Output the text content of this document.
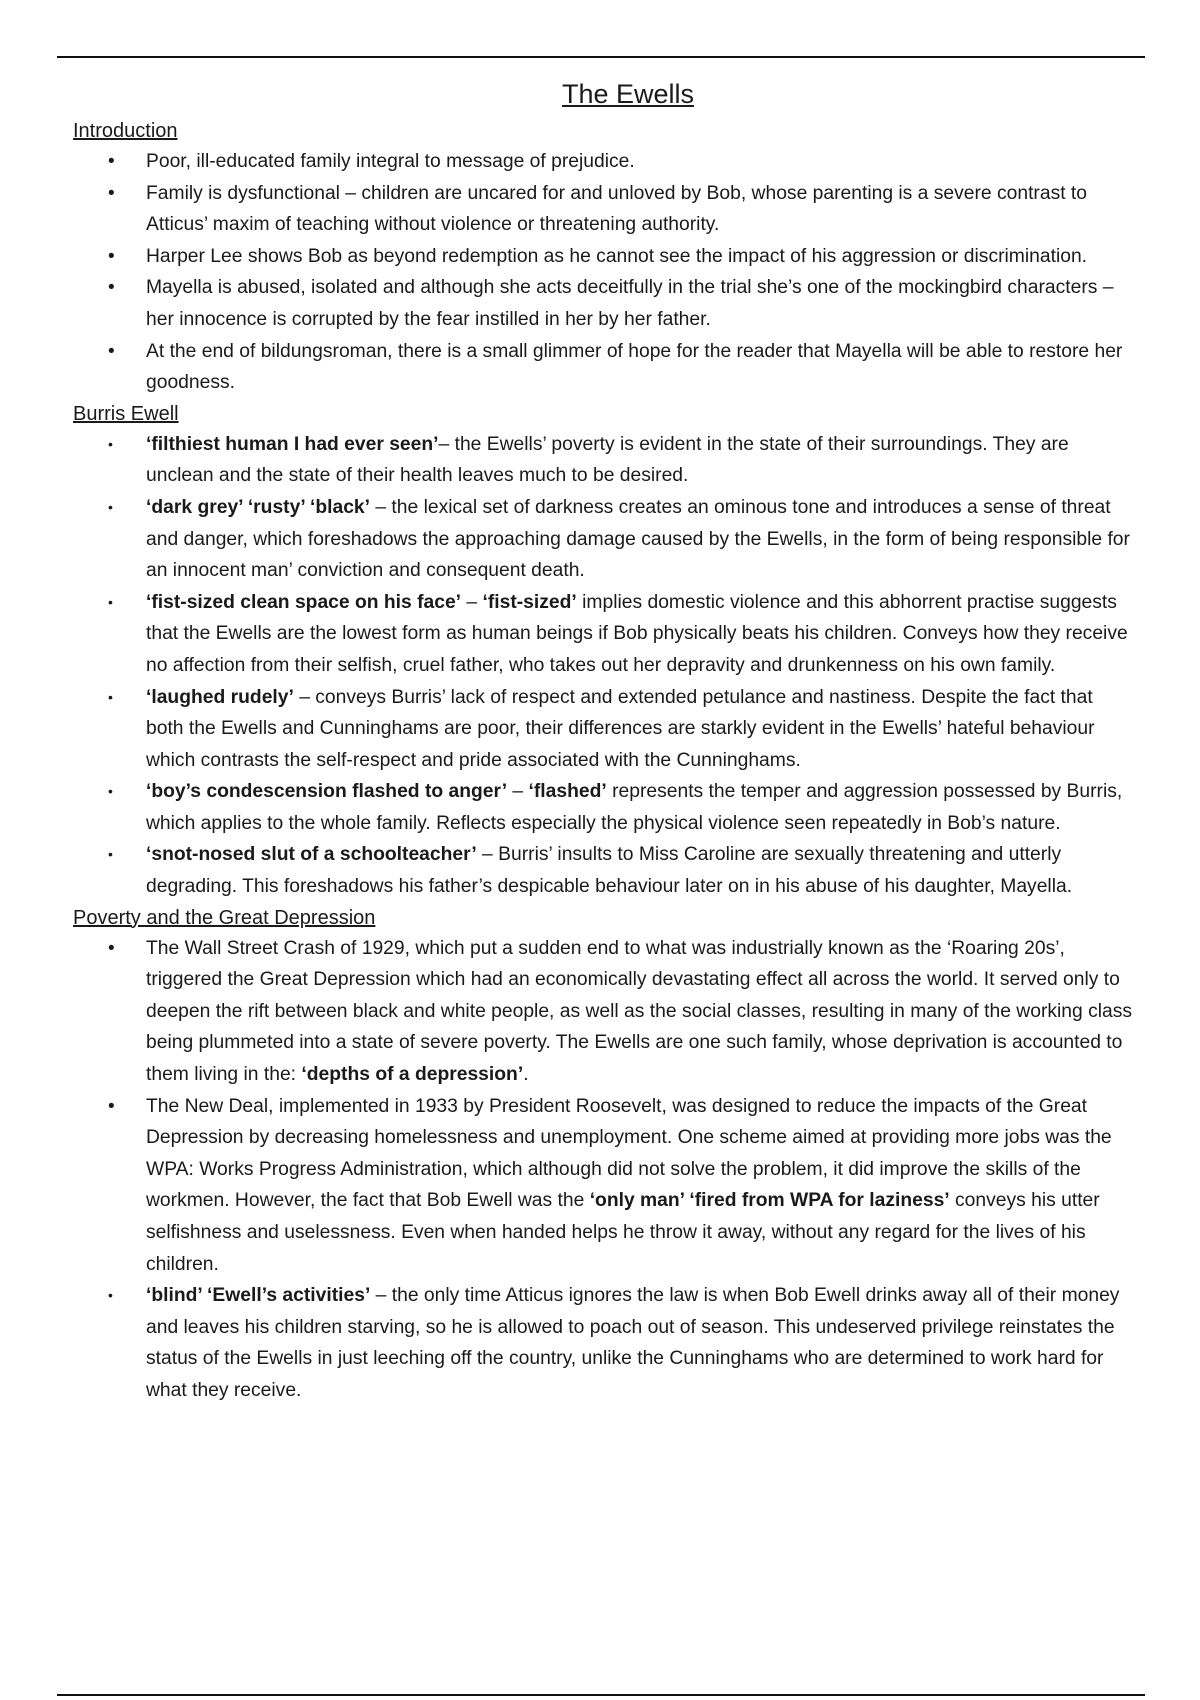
The Ewells
Introduction
• Poor, ill-educated family integral to message of prejudice.
• Family is dysfunctional – children are uncared for and unloved by Bob, whose parenting is a severe contrast to Atticus’ maxim of teaching without violence or threatening authority.
• Harper Lee shows Bob as beyond redemption as he cannot see the impact of his aggression or discrimination.
• Mayella is abused, isolated and although she acts deceitfully in the trial she’s one of the mockingbird characters – her innocence is corrupted by the fear instilled in her by her father.
• At the end of bildungsroman, there is a small glimmer of hope for the reader that Mayella will be able to restore her goodness.
Burris Ewell
• ‘filthiest human I had ever seen’– the Ewells’ poverty is evident in the state of their surroundings. They are unclean and the state of their health leaves much to be desired.
• ‘dark grey’ ‘rusty’ ‘black’ – the lexical set of darkness creates an ominous tone and introduces a sense of threat and danger, which foreshadows the approaching damage caused by the Ewells, in the form of being responsible for an innocent man’ conviction and consequent death.
• ‘fist-sized clean space on his face’ – ‘fist-sized’ implies domestic violence and this abhorrent practise suggests that the Ewells are the lowest form as human beings if Bob physically beats his children. Conveys how they receive no affection from their selfish, cruel father, who takes out her depravity and drunkenness on his own family.
• ‘laughed rudely’ – conveys Burris’ lack of respect and extended petulance and nastiness. Despite the fact that both the Ewells and Cunninghams are poor, their differences are starkly evident in the Ewells’ hateful behaviour which contrasts the self-respect and pride associated with the Cunninghams.
• ‘boy’s condescension flashed to anger’ – ‘flashed’ represents the temper and aggression possessed by Burris, which applies to the whole family. Reflects especially the physical violence seen repeatedly in Bob’s nature.
• ‘snot-nosed slut of a schoolteacher’ – Burris’ insults to Miss Caroline are sexually threatening and utterly degrading. This foreshadows his father’s despicable behaviour later on in his abuse of his daughter, Mayella.
Poverty and the Great Depression
• The Wall Street Crash of 1929, which put a sudden end to what was industrially known as the ‘Roaring 20s’, triggered the Great Depression which had an economically devastating effect all across the world. It served only to deepen the rift between black and white people, as well as the social classes, resulting in many of the working class being plummeted into a state of severe poverty. The Ewells are one such family, whose deprivation is accounted to them living in the: ‘depths of a depression’.
• The New Deal, implemented in 1933 by President Roosevelt, was designed to reduce the impacts of the Great Depression by decreasing homelessness and unemployment. One scheme aimed at providing more jobs was the WPA: Works Progress Administration, which although did not solve the problem, it did improve the skills of the workmen. However, the fact that Bob Ewell was the ‘only man’ ‘fired from WPA for laziness’ conveys his utter selfishness and uselessness. Even when handed helps he throw it away, without any regard for the lives of his children.
• ‘blind’ ‘Ewell’s activities’ – the only time Atticus ignores the law is when Bob Ewell drinks away all of their money and leaves his children starving, so he is allowed to poach out of season. This undeserved privilege reinstates the status of the Ewells in just leeching off the country, unlike the Cunninghams who are determined to work hard for what they receive.
